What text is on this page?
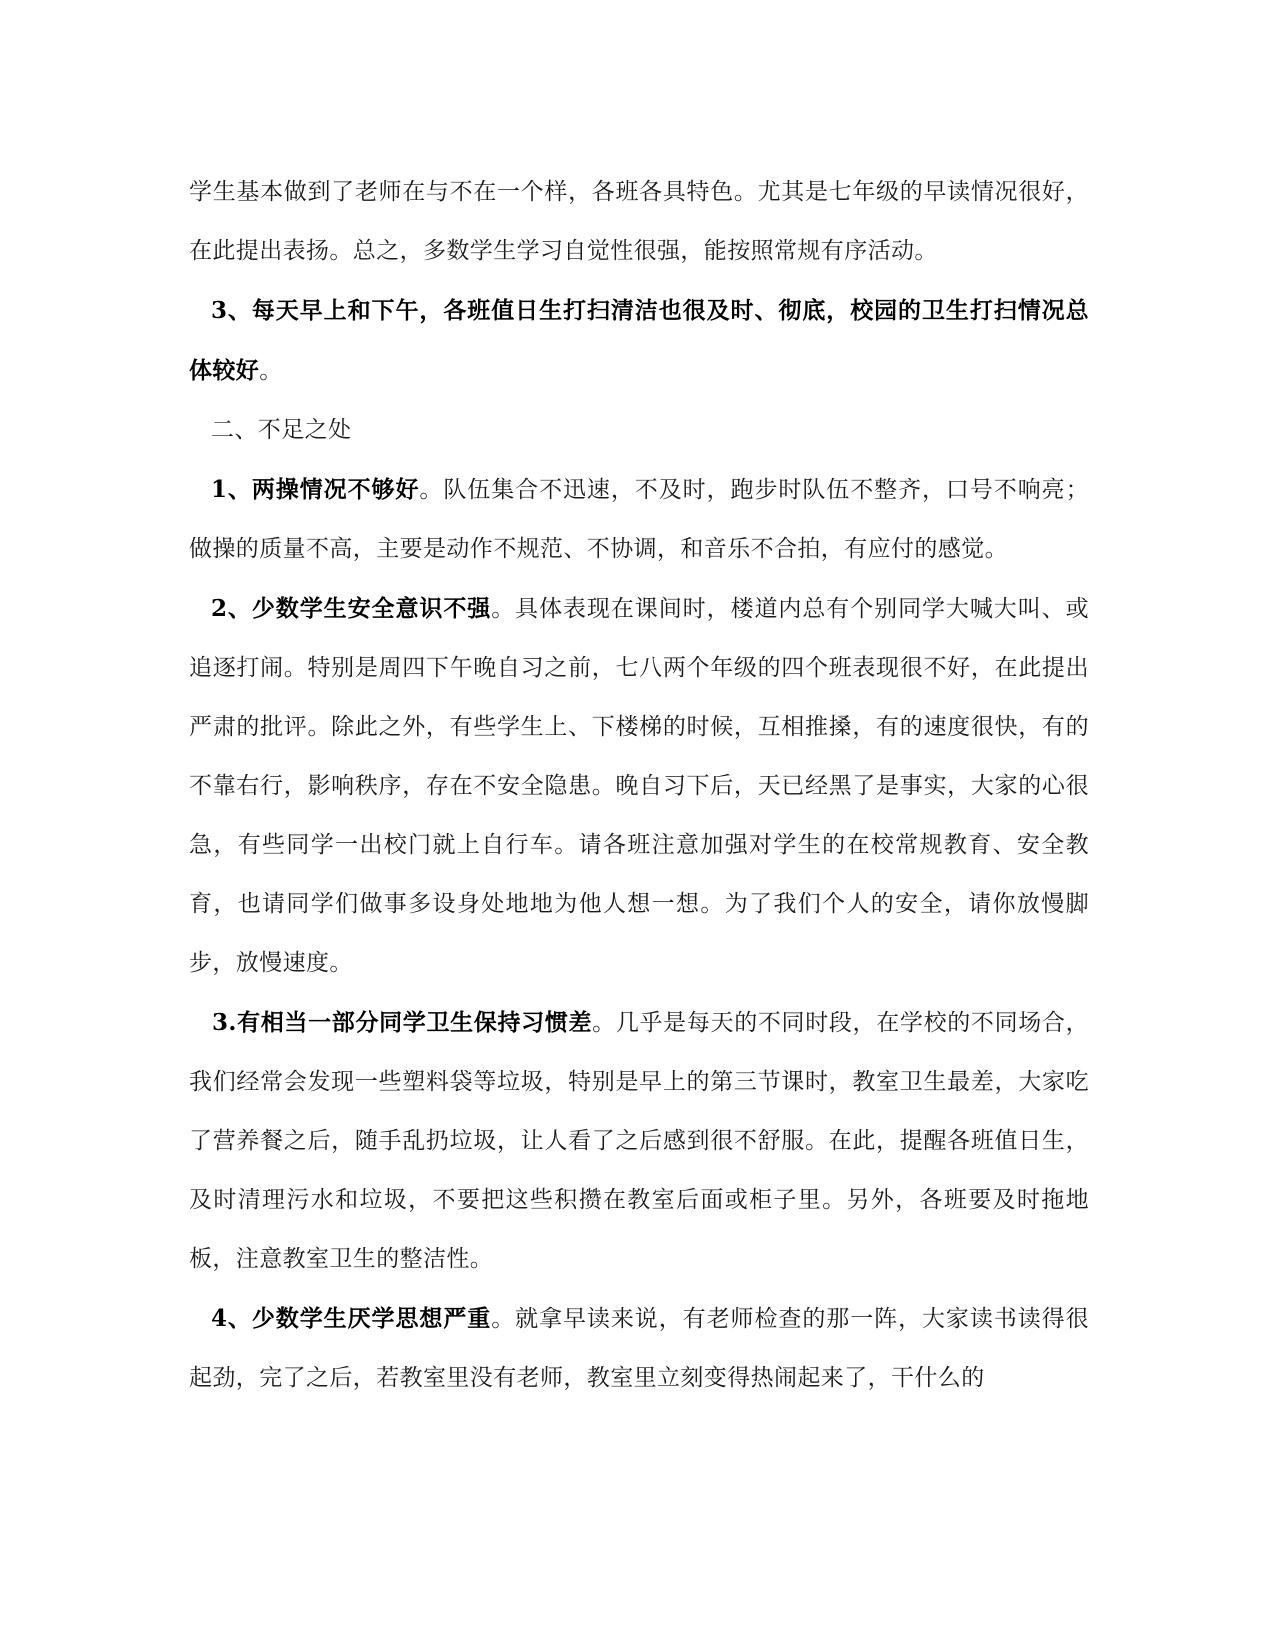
学生基本做到了老师在与不在一个样，各班各具特色。尤其是七年级的早读情况很好，在此提出表扬。总之，多数学生学习自觉性很强，能按照常规有序活动。

3、每天早上和下午，各班值日生打扫清洁也很及时、彻底，校园的卫生打扫情况总体较好。

二、不足之处

1、两操情况不够好。队伍集合不迅速，不及时，跑步时队伍不整齐，口号不响亮；做操的质量不高，主要是动作不规范、不协调，和音乐不合拍，有应付的感觉。

2、少数学生安全意识不强。具体表现在课间时，楼道内总有个别同学大喊大叫、或追逐打闹。特别是周四下午晚自习之前，七八两个年级的四个班表现很不好，在此提出严肃的批评。除此之外，有些学生上、下楼梯的时候，互相推搡，有的速度很快，有的不靠右行，影响秩序，存在不安全隐患。晚自习下后，天已经黑了是事实，大家的心很急，有些同学一出校门就上自行车。请各班注意加强对学生的在校常规教育、安全教育，也请同学们做事多设身处地地为他人想一想。为了我们个人的安全，请你放慢脚步，放慢速度。

3.有相当一部分同学卫生保持习惯差。几乎是每天的不同时段，在学校的不同场合，我们经常会发现一些塑料袋等垃圾，特别是早上的第三节课时，教室卫生最差，大家吃了营养餐之后，随手乱扔垃圾，让人看了之后感到很不舒服。在此，提醒各班值日生，及时清理污水和垃圾，不要把这些积攒在教室后面或柜子里。另外，各班要及时拖地板，注意教室卫生的整洁性。

4、少数学生厌学思想严重。就拿早读来说，有老师检查的那一阵，大家读书读得很起劲，完了之后，若教室里没有老师，教室里立刻变得热闹起来了，干什么的
